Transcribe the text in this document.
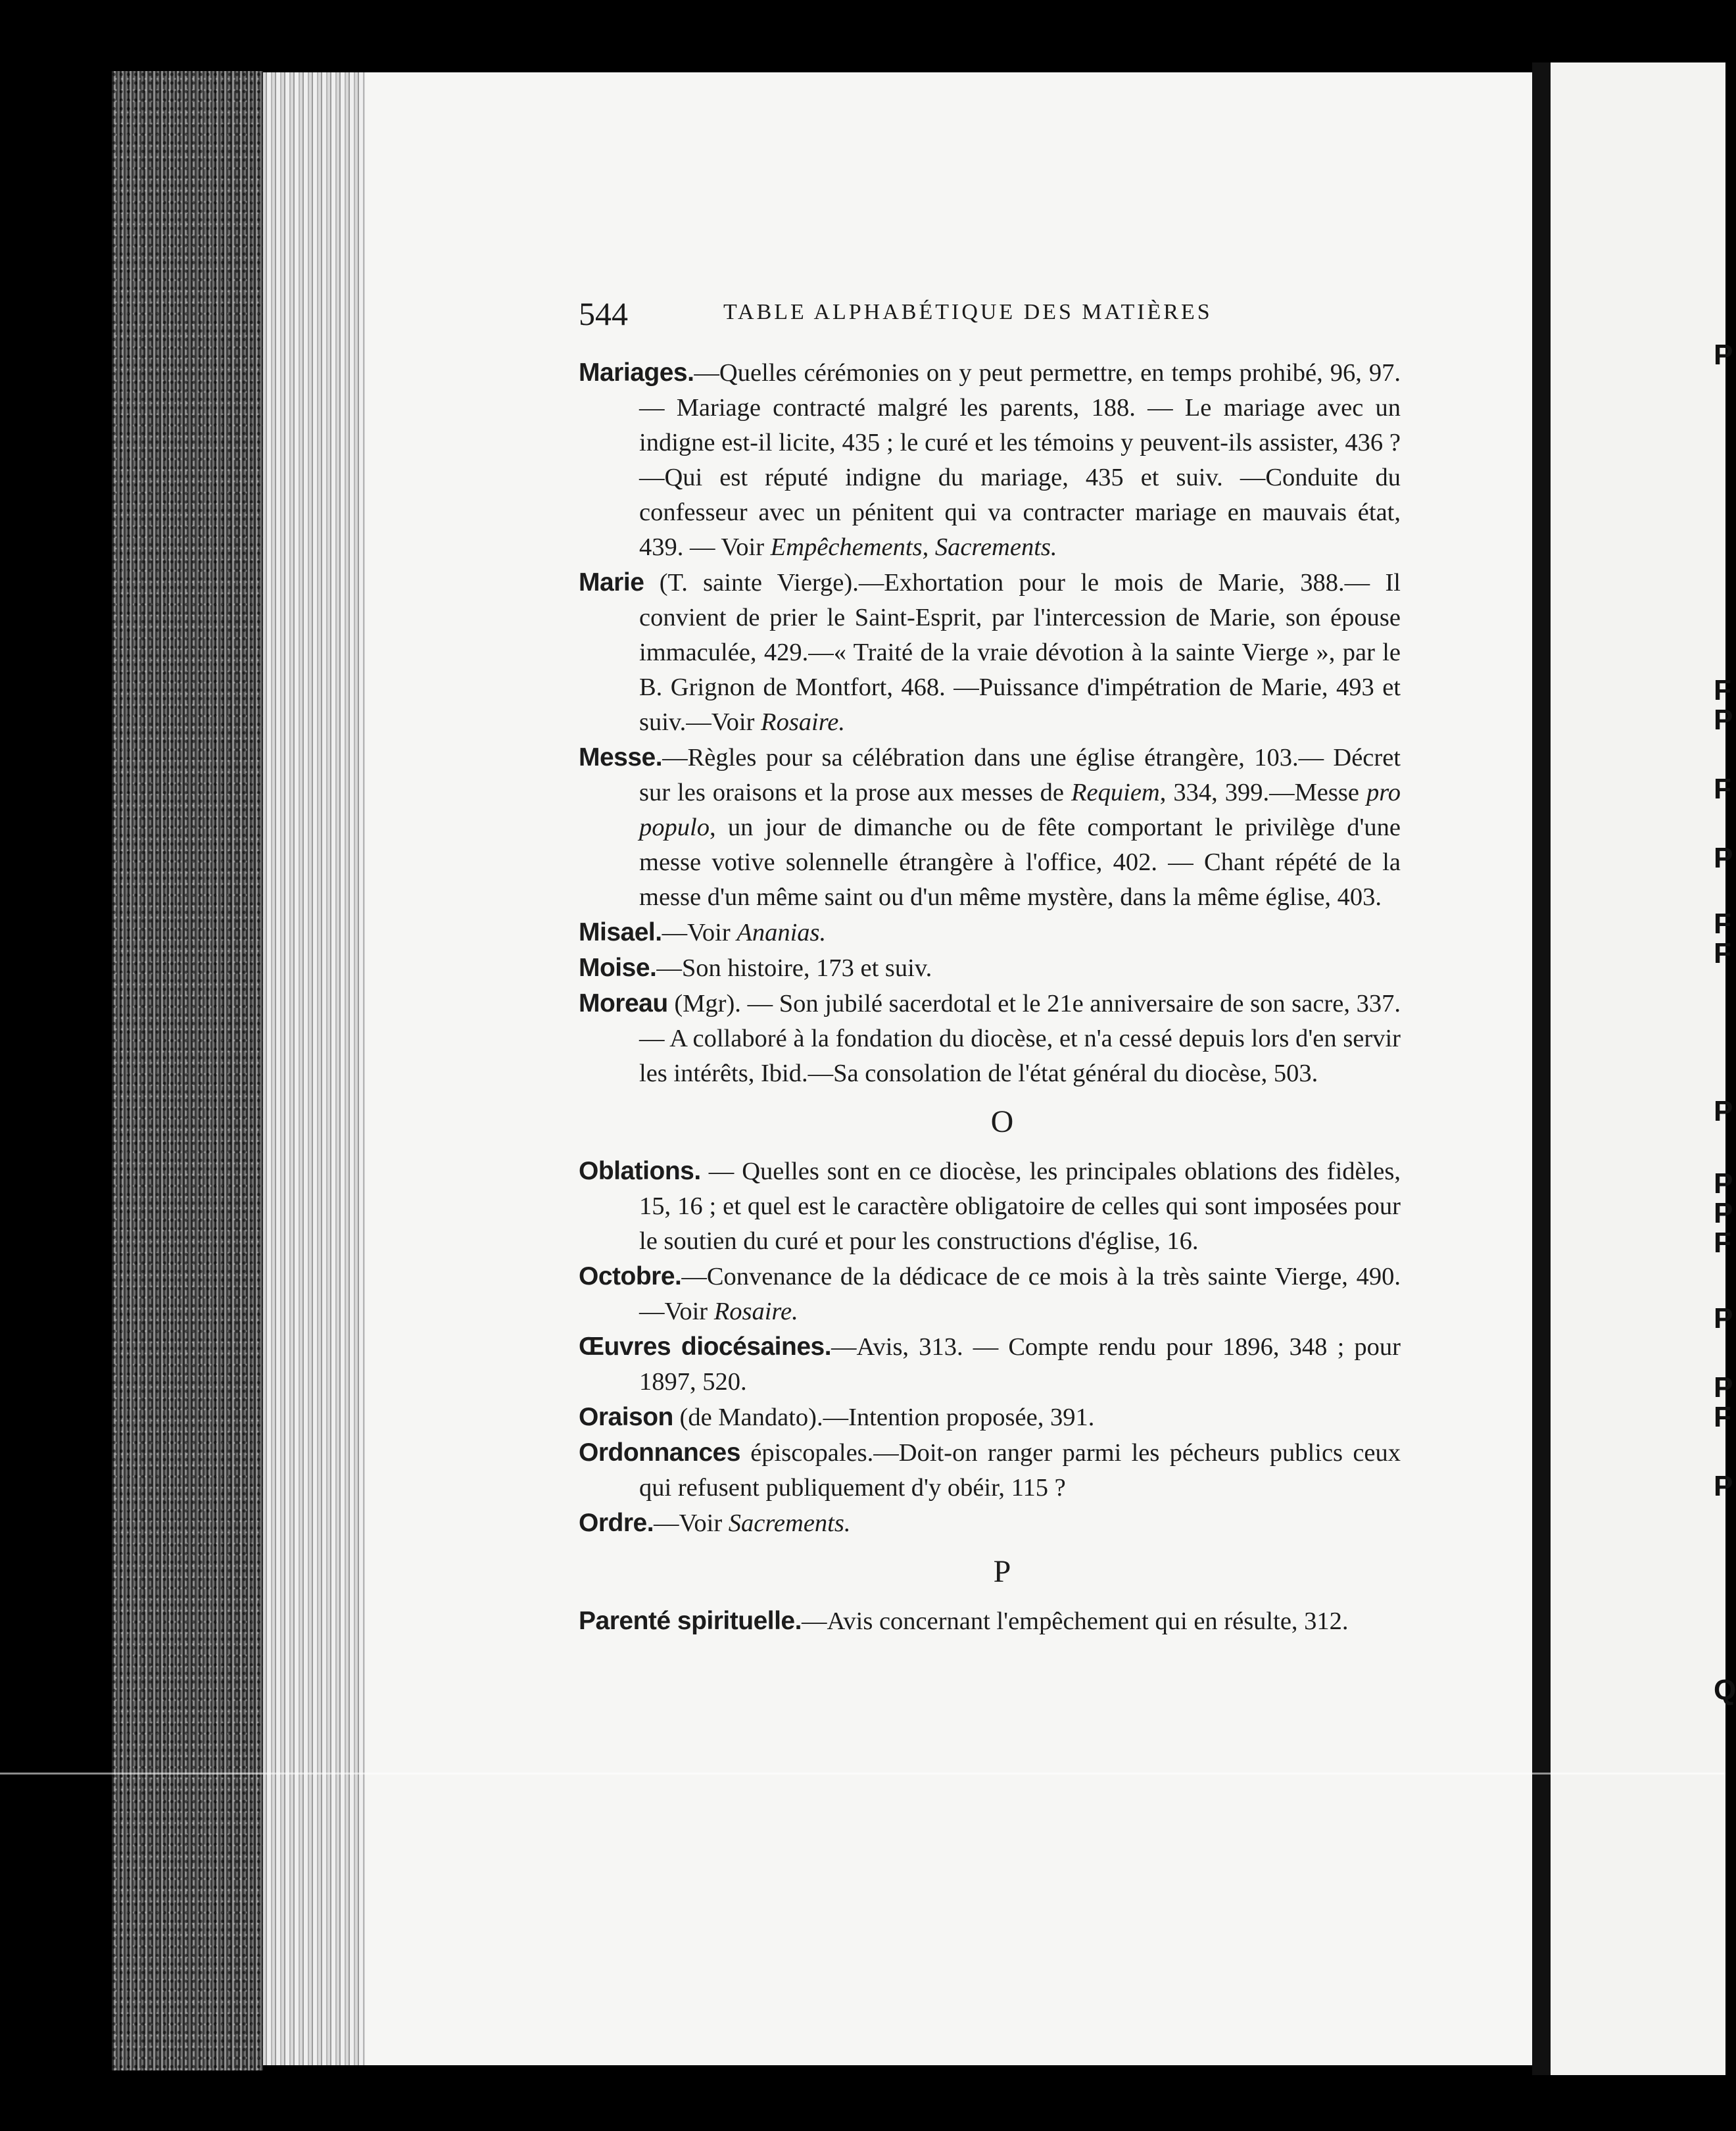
P
F
P
F
P
F
F
P
P
P
F
P
P
F
P
Q
544	TABLE ALPHABÉTIQUE DES MATIÈRES
Mariages.—Quelles cérémonies on y peut permettre, en temps prohibé, 96, 97. — Mariage contracté malgré les parents, 188. — Le mariage avec un indigne est-il licite, 435 ; le curé et les témoins y peuvent-ils assister, 436 ?—Qui est réputé indigne du mariage, 435 et suiv. —Conduite du confesseur avec un pénitent qui va contracter mariage en mauvais état, 439. — Voir Empêchements, Sacrements.
Marie (T. sainte Vierge).—Exhortation pour le mois de Marie, 388.— Il convient de prier le Saint-Esprit, par l'intercession de Marie, son épouse immaculée, 429.—« Traité de la vraie dévotion à la sainte Vierge », par le B. Grignon de Montfort, 468. —Puissance d'impétration de Marie, 493 et suiv.—Voir Rosaire.
Messe.—Règles pour sa célébration dans une église étrangère, 103.— Décret sur les oraisons et la prose aux messes de Requiem, 334, 399.—Messe pro populo, un jour de dimanche ou de fête comportant le privilège d'une messe votive solennelle étrangère à l'office, 402. — Chant répété de la messe d'un même saint ou d'un même mystère, dans la même église, 403.
Misael.—Voir Ananias.
Moise.—Son histoire, 173 et suiv.
Moreau (Mgr). — Son jubilé sacerdotal et le 21e anniversaire de son sacre, 337. — A collaboré à la fondation du diocèse, et n'a cessé depuis lors d'en servir les intérêts, Ibid.—Sa consolation de l'état général du diocèse, 503.
O
Oblations. — Quelles sont en ce diocèse, les principales oblations des fidèles, 15, 16 ; et quel est le caractère obligatoire de celles qui sont imposées pour le soutien du curé et pour les constructions d'église, 16.
Octobre.—Convenance de la dédicace de ce mois à la très sainte Vierge, 490.—Voir Rosaire.
Œuvres diocésaines.—Avis, 313. — Compte rendu pour 1896, 348 ; pour 1897, 520.
Oraison (de Mandato).—Intention proposée, 391.
Ordonnances épiscopales.—Doit-on ranger parmi les pécheurs publics ceux qui refusent publiquement d'y obéir, 115 ?
Ordre.—Voir Sacrements.
P
Parenté spirituelle.—Avis concernant l'empêchement qui en résulte, 312.
